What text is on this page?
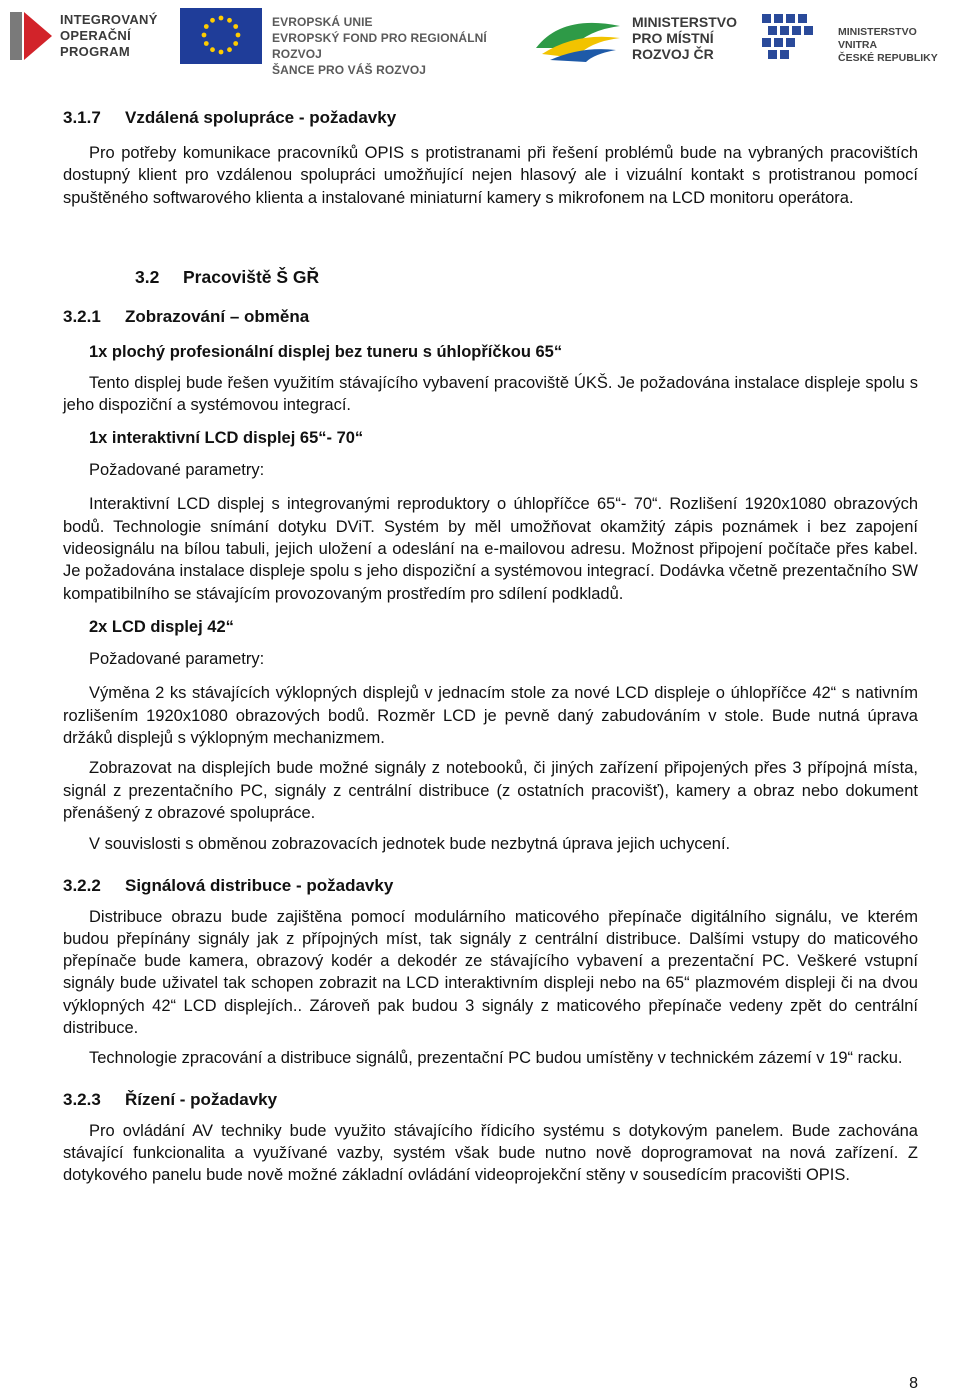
INTEGROVANÝ
OPERAČNÍ
PROGRAM
EVROPSKÁ UNIE
EVROPSKÝ FOND PRO REGIONÁLNÍ ROZVOJ
ŠANCE PRO VÁŠ ROZVOJ
MINISTERSTVO
PRO MÍSTNÍ
ROZVOJ ČR
MINISTERSTVO VNITRA
ČESKÉ REPUBLIKY
3.1.7 Vzdálená spolupráce - požadavky

Pro potřeby komunikace pracovníků OPIS s protistranami při řešení problémů bude na vybraných pracovištích dostupný klient pro vzdálenou spolupráci umožňující nejen hlasový ale i vizuální kontakt s protistranou pomocí spuštěného softwarového klienta a instalované miniaturní kamery s mikrofonem na LCD monitoru operátora.

3.2 Pracoviště Š GŘ
3.2.1 Zobrazování – obměna

1x plochý profesionální displej bez tuneru s úhlopříčkou 65“

Tento displej bude řešen využitím stávajícího vybavení pracoviště ÚKŠ. Je požadována instalace displeje spolu s jeho dispoziční a systémovou integrací.

1x interaktivní LCD displej 65“- 70“

Požadované parametry:

Interaktivní LCD displej s integrovanými reproduktory o úhlopříčce 65“- 70“. Rozlišení 1920x1080 obrazových bodů. Technologie snímání dotyku DViT. Systém by měl umožňovat okamžitý zápis poznámek i bez zapojení videosignálu na bílou tabuli, jejich uložení a odeslání na e-mailovou adresu. Možnost připojení počítače přes kabel. Je požadována instalace displeje spolu s jeho dispoziční a systémovou integrací. Dodávka včetně prezentačního SW kompatibilního se stávajícím provozovaným prostředím pro sdílení podkladů.

2x LCD displej 42“

Požadované parametry:

Výměna 2 ks stávajících výklopných displejů v jednacím stole za nové LCD displeje o úhlopříčce 42“ s nativním rozlišením 1920x1080 obrazových bodů. Rozměr LCD je pevně daný zabudováním v stole. Bude nutná úprava držáků displejů s výklopným mechanizmem.

Zobrazovat na displejích bude možné signály z notebooků, či jiných zařízení připojených přes 3 přípojná místa, signál z prezentačního PC, signály z centrální distribuce (z ostatních pracovišť), kamery a obraz nebo dokument přenášený z obrazové spolupráce.

V souvislosti s obměnou zobrazovacích jednotek bude nezbytná úprava jejich uchycení.

3.2.2 Signálová distribuce - požadavky

Distribuce obrazu bude zajištěna pomocí modulárního maticového přepínače digitálního signálu, ve kterém budou přepínány signály jak z přípojných míst, tak signály z centrální distribuce. Dalšími vstupy do maticového přepínače bude kamera, obrazový kodér a dekodér ze stávajícího vybavení a prezentační PC. Veškeré vstupní signály bude uživatel tak schopen zobrazit na LCD interaktivním displeji nebo na 65“ plazmovém displeji či na dvou výklopných 42“ LCD displejích.. Zároveň pak budou 3 signály z maticového přepínače vedeny zpět do centrální distribuce.

Technologie zpracování a distribuce signálů, prezentační PC budou umístěny v technickém zázemí v 19“ racku.

3.2.3 Řízení - požadavky

Pro ovládání AV techniky bude využito stávajícího řídicího systému s dotykovým panelem. Bude zachována stávající funkcionalita a využívané vazby, systém však bude nutno nově doprogramovat na nová zařízení. Z dotykového panelu bude nově možné základní ovládání videoprojekční stěny v sousedícím pracovišti OPIS.

8
